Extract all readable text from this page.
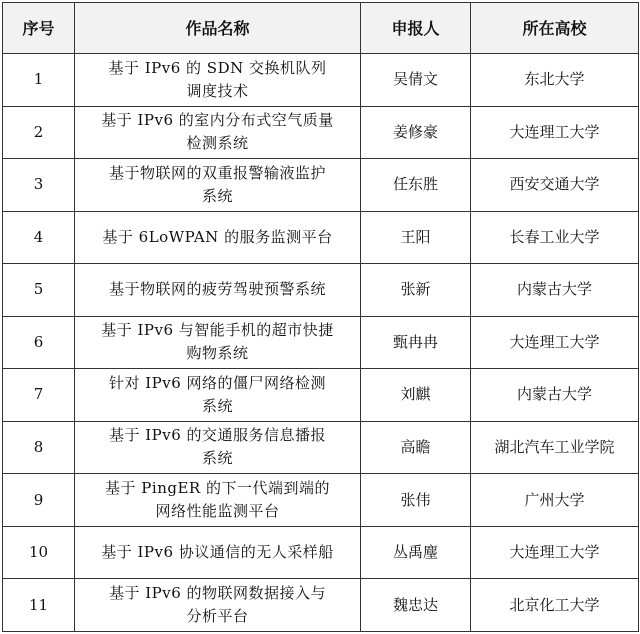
序号	作品名称	申报人	所在高校
1	基于 IPv6 的 SDN 交换机队列
调度技术	吴倩文	东北大学
2	基于 IPv6 的室内分布式空气质量
检测系统	姜修豪	大连理工大学
3	基于物联网的双重报警输液监护
系统	任东胜	西安交通大学
4	基于 6LoWPAN 的服务监测平台	王阳	长春工业大学
5	基于物联网的疲劳驾驶预警系统	张新	内蒙古大学
6	基于 IPv6 与智能手机的超市快捷
购物系统	甄冉冉	大连理工大学
7	针对 IPv6 网络的僵尸网络检测
系统	刘麒	内蒙古大学
8	基于 IPv6 的交通服务信息播报
系统	高瞻	湖北汽车工业学院
9	基于 PingER 的下一代端到端的
网络性能监测平台	张伟	广州大学
10	基于 IPv6 协议通信的无人采样船	丛禹麈	大连理工大学
11	基于 IPv6 的物联网数据接入与
分析平台	魏忠达	北京化工大学
